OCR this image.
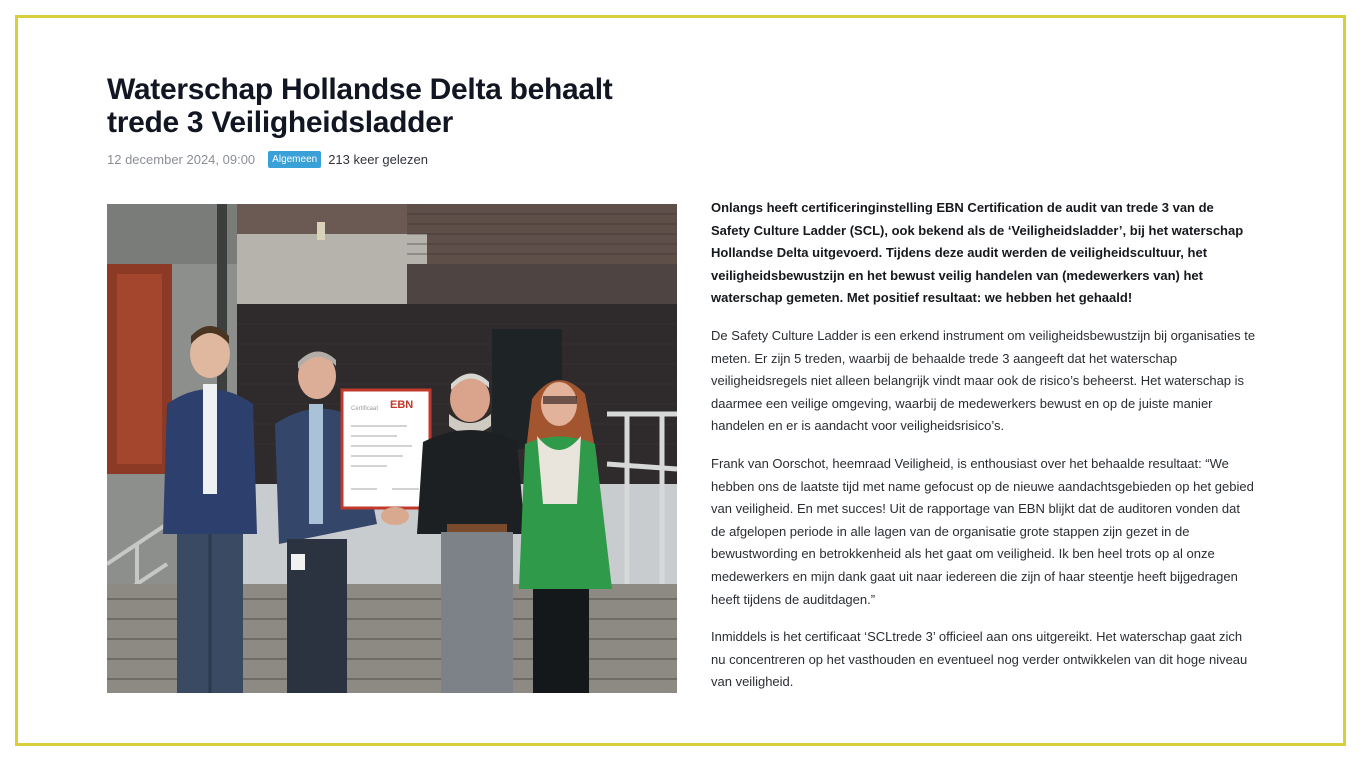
Waterschap Hollandse Delta behaalt trede 3 Veiligheidsladder
12 december 2024, 09:00	Algemeen 213 keer gelezen
EBN
Certificaat

Onlangs heeft certificeringinstelling EBN Certification de audit van trede 3 van de Safety Culture Ladder (SCL), ook bekend als de ‘Veiligheidsladder’, bij het waterschap Hollandse Delta uitgevoerd. Tijdens deze audit werden de veiligheidscultuur, het veiligheidsbewustzijn en het bewust veilig handelen van (medewerkers van) het waterschap gemeten. Met positief resultaat: we hebben het gehaald!

De Safety Culture Ladder is een erkend instrument om veiligheidsbewustzijn bij organisaties te meten. Er zijn 5 treden, waarbij de behaalde trede 3 aangeeft dat het waterschap veiligheidsregels niet alleen belangrijk vindt maar ook de risico’s beheerst. Het waterschap is daarmee een veilige omgeving, waarbij de medewerkers bewust en op de juiste manier handelen en er is aandacht voor veiligheidsrisico’s.

Frank van Oorschot, heemraad Veiligheid, is enthousiast over het behaalde resultaat: “We hebben ons de laatste tijd met name gefocust op de nieuwe aandachtsgebieden op het gebied van veiligheid. En met succes! Uit de rapportage van EBN blijkt dat de auditoren vonden dat de afgelopen periode in alle lagen van de organisatie grote stappen zijn gezet in de bewustwording en betrokkenheid als het gaat om veiligheid. Ik ben heel trots op al onze medewerkers en mijn dank gaat uit naar iedereen die zijn of haar steentje heeft bijgedragen heeft tijdens de auditdagen.”

Inmiddels is het certificaat ‘SCLtrede 3’ officieel aan ons uitgereikt. Het waterschap gaat zich nu concentreren op het vasthouden en eventueel nog verder ontwikkelen van dit hoge niveau van veiligheid.
